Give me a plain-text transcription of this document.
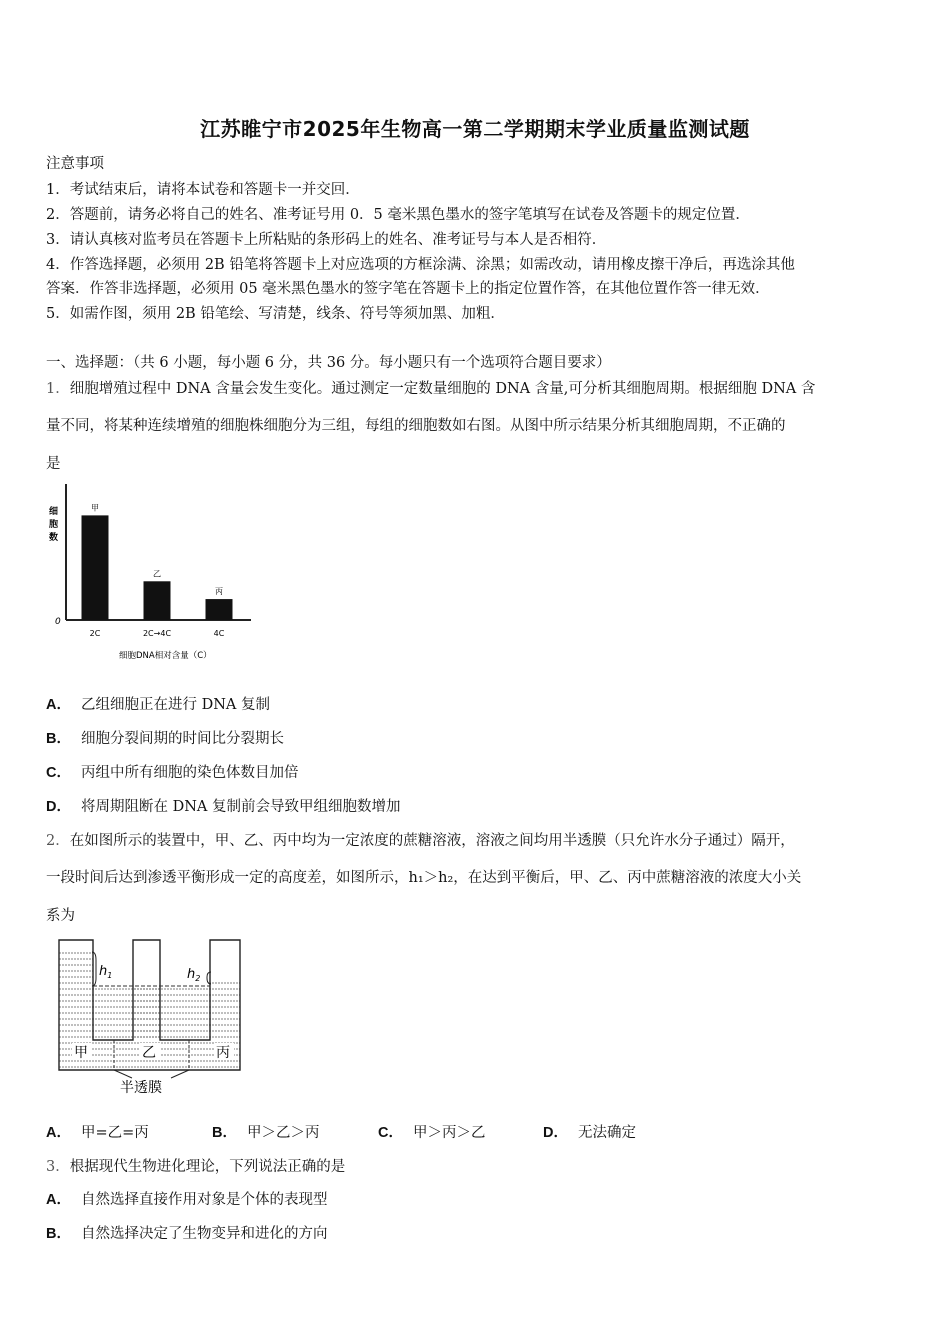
江苏睢宁市2025年生物高一第二学期期末学业质量监测试题
注意事项
1．考试结束后，请将本试卷和答题卡一并交回．
2．答题前，请务必将自己的姓名、准考证号用 0．5 毫米黑色墨水的签字笔填写在试卷及答题卡的规定位置．
3．请认真核对监考员在答题卡上所粘贴的条形码上的姓名、准考证号与本人是否相符．
4．作答选择题，必须用 2B 铅笔将答题卡上对应选项的方框涂满、涂黑；如需改动，请用橡皮擦干净后，再选涂其他
答案．作答非选择题，必须用 05 毫米黑色墨水的签字笔在答题卡上的指定位置作答，在其他位置作答一律无效．
5．如需作图，须用 2B 铅笔绘、写清楚，线条、符号等须加黑、加粗．
一、选择题：（共 6 小题，每小题 6 分，共 36 分。每小题只有一个选项符合题目要求）
1．细胞增殖过程中 DNA 含量会发生变化。通过测定一定数量细胞的 DNA 含量,可分析其细胞周期。根据细胞 DNA 含
量不同，将某种连续增殖的细胞株细胞分为三组，每组的细胞数如右图。从图中所示结果分析其细胞周期，不正确的
是
0
细
胞
数
甲
2C
乙
2C→4C
丙
4C
细胞DNA相对含量（C）
A． 乙组细胞正在进行 DNA 复制
B． 细胞分裂间期的时间比分裂期长
C． 丙组中所有细胞的染色体数目加倍
D． 将周期阻断在 DNA 复制前会导致甲组细胞数增加
2．在如图所示的装置中，甲、乙、丙中均为一定浓度的蔗糖溶液，溶液之间均用半透膜（只允许水分子通过）隔开，
一段时间后达到渗透平衡形成一定的高度差，如图所示，h₁＞h₂，在达到平衡后，甲、乙、丙中蔗糖溶液的浓度大小关
系为
$h_1$	$h_2$
甲	乙	丙
半透膜
A． 甲=乙=丙	B． 甲＞乙＞丙	C． 甲＞丙＞乙	D． 无法确定
3．根据现代生物进化理论，下列说法正确的是
A． 自然选择直接作用对象是个体的表现型
B． 自然选择决定了生物变异和进化的方向
